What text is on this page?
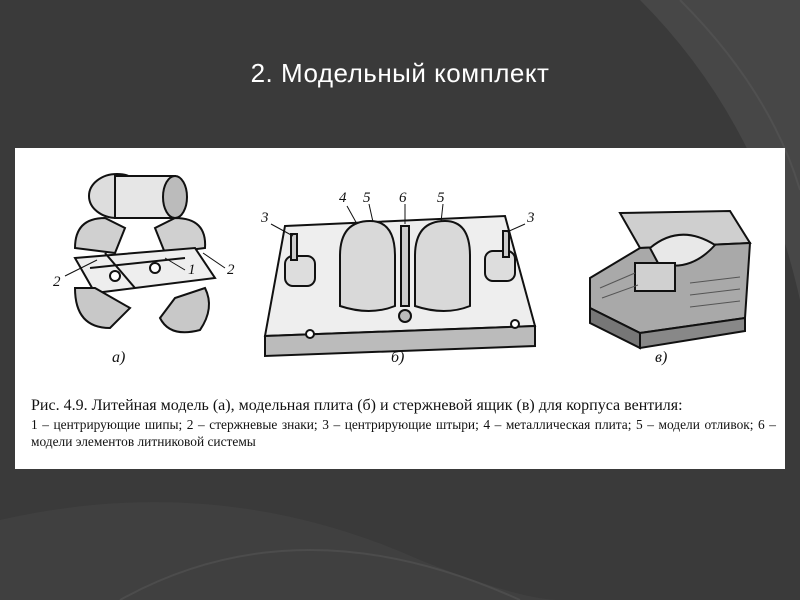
2. Модельный комплект
2
1 2
3
4 5 6 5
3
а)	б)	в)
Рис. 4.9. Литейная модель (а), модельная плита (б) и стержневой ящик (в) для корпуса вентиля:
1 – центрирующие шипы; 2 – стержневые знаки; 3 – центрирующие штыри; 4 – металлическая плита; 5 – модели отливок; 6 – модели элементов литниковой системы
